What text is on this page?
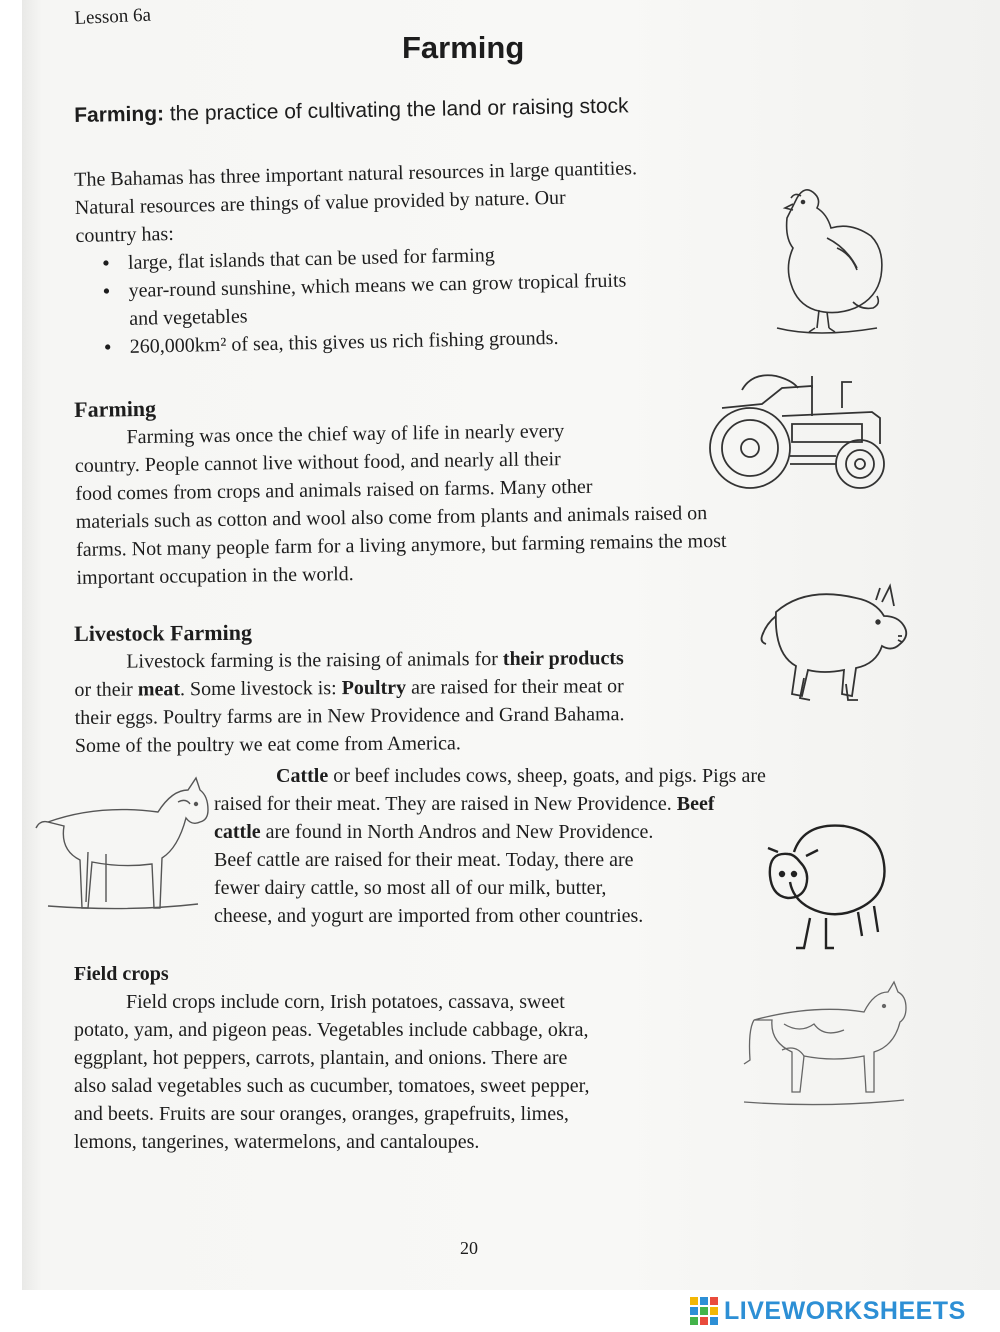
Lesson 6a

Farming

Farming: the practice of cultivating the land or raising stock

The Bahamas has three important natural resources in large quantities.
Natural resources are things of value provided by nature. Our
country has:
• large, flat islands that can be used for farming
• year-round sunshine, which means we can grow tropical fruits
and vegetables
• 260,000km² of sea, this gives us rich fishing grounds.
Farming
Farming was once the chief way of life in nearly every
country. People cannot live without food, and nearly all their
food comes from crops and animals raised on farms. Many other
materials such as cotton and wool also come from plants and animals raised on
farms. Not many people farm for a living anymore, but farming remains the most
important occupation in the world.
Livestock Farming
Livestock farming is the raising of animals for their products
or their meat. Some livestock is: Poultry are raised for their meat or
their eggs. Poultry farms are in New Providence and Grand Bahama.
Some of the poultry we eat come from America.
Cattle or beef includes cows, sheep, goats, and pigs. Pigs are
raised for their meat. They are raised in New Providence. Beef
cattle are found in North Andros and New Providence.
Beef cattle are raised for their meat. Today, there are
fewer dairy cattle, so most all of our milk, butter,
cheese, and yogurt are imported from other countries.
Field crops
Field crops include corn, Irish potatoes, cassava, sweet
potato, yam, and pigeon peas. Vegetables include cabbage, okra,
eggplant, hot peppers, carrots, plantain, and onions. There are
also salad vegetables such as cucumber, tomatoes, sweet pepper,
and beets. Fruits are sour oranges, oranges, grapefruits, limes,
lemons, tangerines, watermelons, and cantaloupes.

20

LIVEWORKSHEETS
